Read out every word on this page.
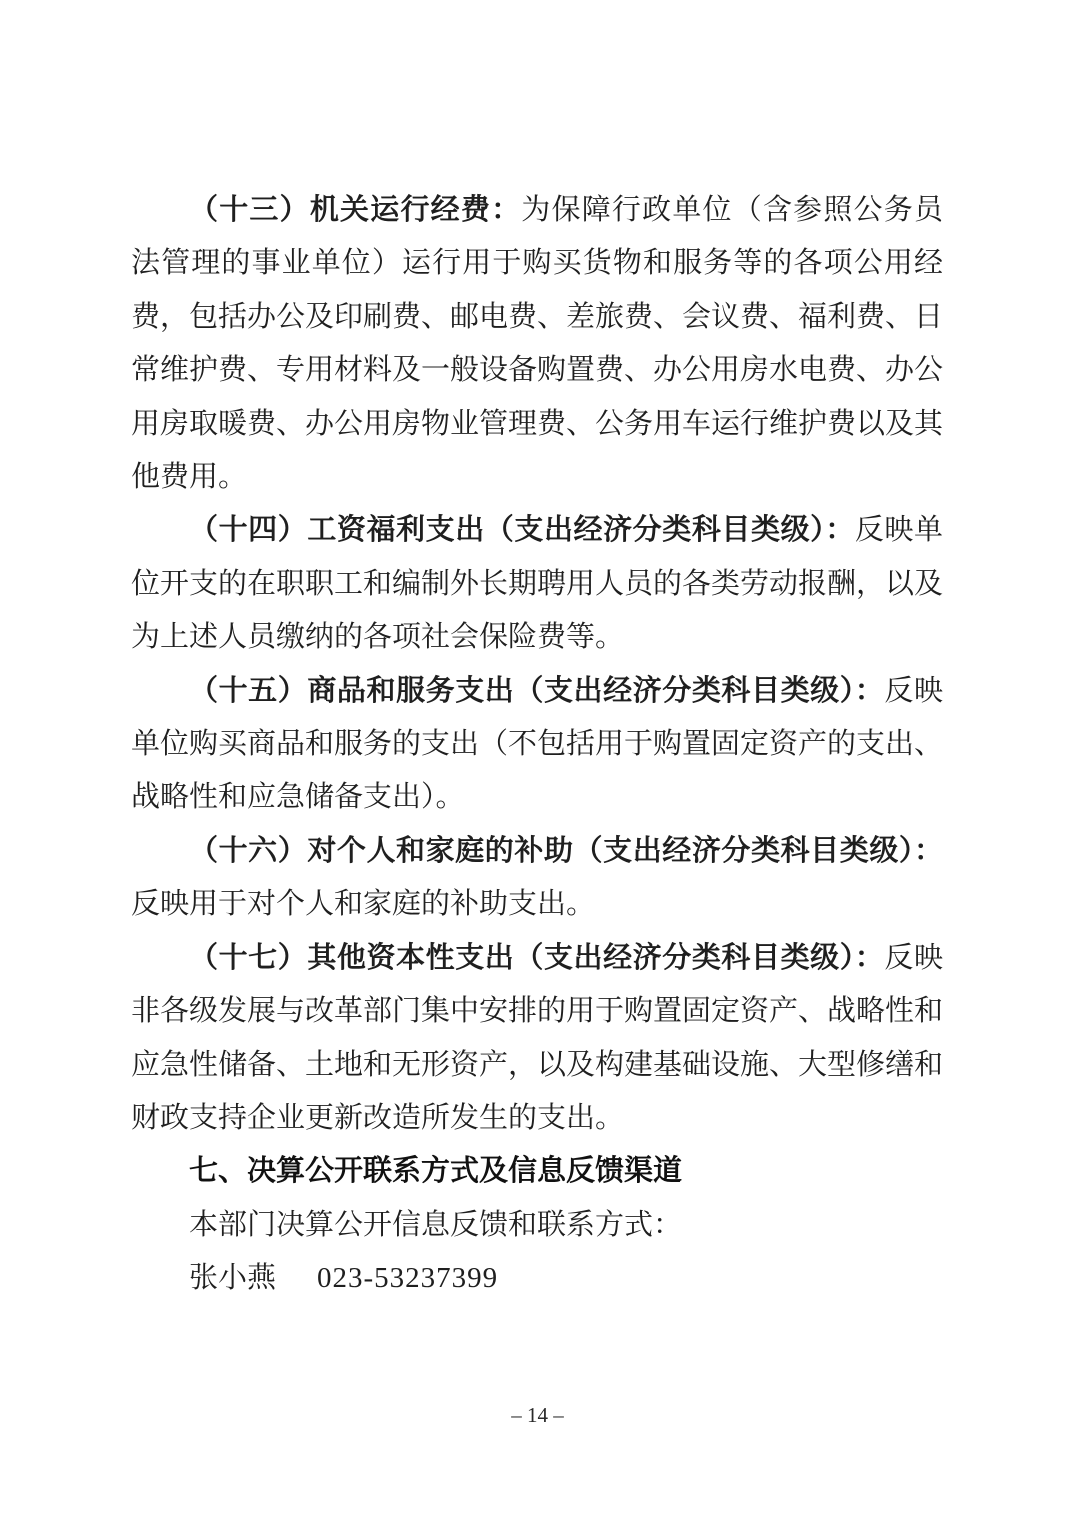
（十三）机关运行经费：为保障行政单位（含参照公务员法管理的事业单位）运行用于购买货物和服务等的各项公用经费，包括办公及印刷费、邮电费、差旅费、会议费、福利费、日常维护费、专用材料及一般设备购置费、办公用房水电费、办公用房取暖费、办公用房物业管理费、公务用车运行维护费以及其他费用。

（十四）工资福利支出（支出经济分类科目类级）：反映单位开支的在职职工和编制外长期聘用人员的各类劳动报酬，以及为上述人员缴纳的各项社会保险费等。

（十五）商品和服务支出（支出经济分类科目类级）：反映单位购买商品和服务的支出（不包括用于购置固定资产的支出、战略性和应急储备支出）。

（十六）对个人和家庭的补助（支出经济分类科目类级）：反映用于对个人和家庭的补助支出。

（十七）其他资本性支出（支出经济分类科目类级）：反映非各级发展与改革部门集中安排的用于购置固定资产、战略性和应急性储备、土地和无形资产，以及构建基础设施、大型修缮和财政支持企业更新改造所发生的支出。

七、决算公开联系方式及信息反馈渠道

本部门决算公开信息反馈和联系方式：

张小燕 023-53237399

– 14 –
